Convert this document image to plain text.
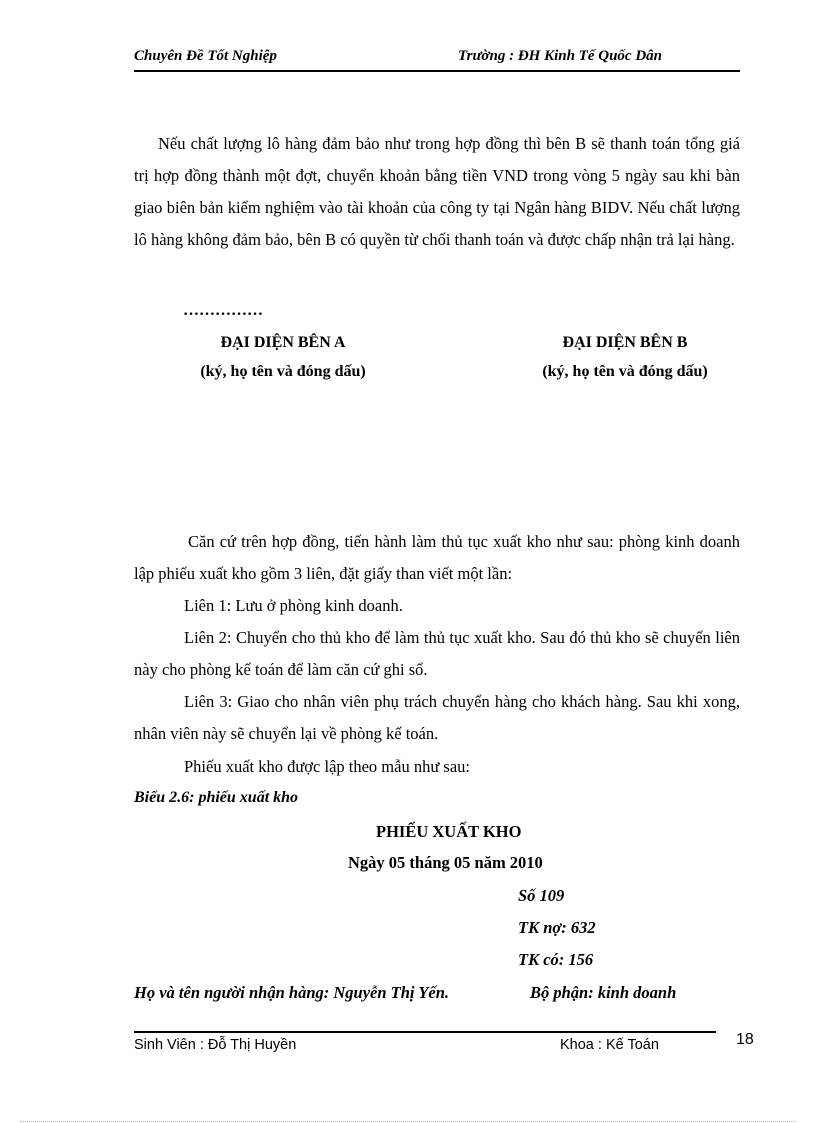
Chuyên Đề Tốt Nghiệp	Trường : ĐH Kinh Tế Quốc Dân
Nếu chất lượng lô hàng đảm bảo như trong hợp đồng thì bên B sẽ thanh toán tổng giá trị hợp đồng thành một đợt, chuyển khoản bằng tiền VND trong vòng 5 ngày sau khi bàn giao biên bản kiểm nghiệm vào tài khoản của công ty tại Ngân hàng BIDV. Nếu chất lượng lô hàng không đảm bảo, bên B có quyền từ chối thanh toán và được chấp nhận trả lại hàng.
……………
ĐẠI DIỆN BÊN A
(ký, họ tên và đóng dấu)
ĐẠI DIỆN BÊN B
(ký, họ tên và đóng dấu)
Căn cứ trên hợp đồng, tiến hành làm thủ tục xuất kho như sau: phòng kinh doanh lập phiếu xuất kho gồm 3 liên, đặt giấy than viết một lần:
Liên 1: Lưu ở phòng kinh doanh.
Liên 2: Chuyển cho thủ kho để làm thủ tục xuất kho. Sau đó thủ kho sẽ chuyển liên này cho phòng kế toán để làm căn cứ ghi sổ.
Liên 3: Giao cho nhân viên phụ trách chuyển hàng cho khách hàng. Sau khi xong, nhân viên này sẽ chuyển lại về phòng kế toán.
Phiếu xuất kho được lập theo mẫu như sau:
Biểu 2.6: phiếu xuất kho
PHIẾU XUẤT KHO
Ngày 05 tháng 05 năm 2010
Số 109
TK nợ: 632
TK có: 156
Họ và tên người nhận hàng: Nguyễn Thị Yến.	Bộ phận: kinh doanh
Sinh Viên : Đỗ Thị Huyền	Khoa : Kế Toán	18
